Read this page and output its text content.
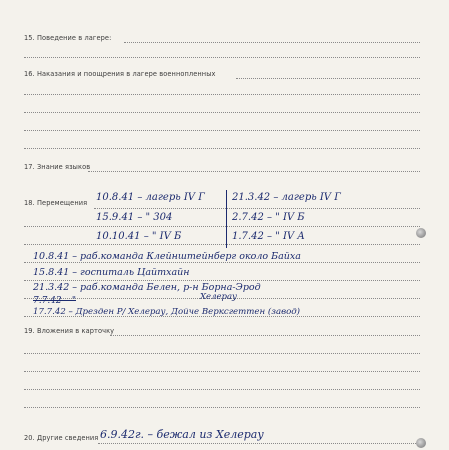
15. Поведение в лагере:
16. Наказания и поощрения в лагере военнопленных
17. Знание языков
18. Перемещения 10.8.41 – лагерь IV Г
15.9.41 – " 304
10.10.41 – " IV Б
21.3.42 – лагерь IV Г
2.7.42 – " IV Б
1.7.42 – " IV А
10.8.41 – раб.команда Клейнштейнберг около Байха
15.8.41 – госпиталь Цайтхайн
21.3.42 – раб.команда Белен, р-н Борна-Эрод
7.7.42 – "	Хелерау
17.7.42 – Дрезден Р/ Хелерау, Дойче Верксгеттен (завод)
19. Вложения в карточку
20. Другие сведения 6.9.42г. – бежал из Хелерау
